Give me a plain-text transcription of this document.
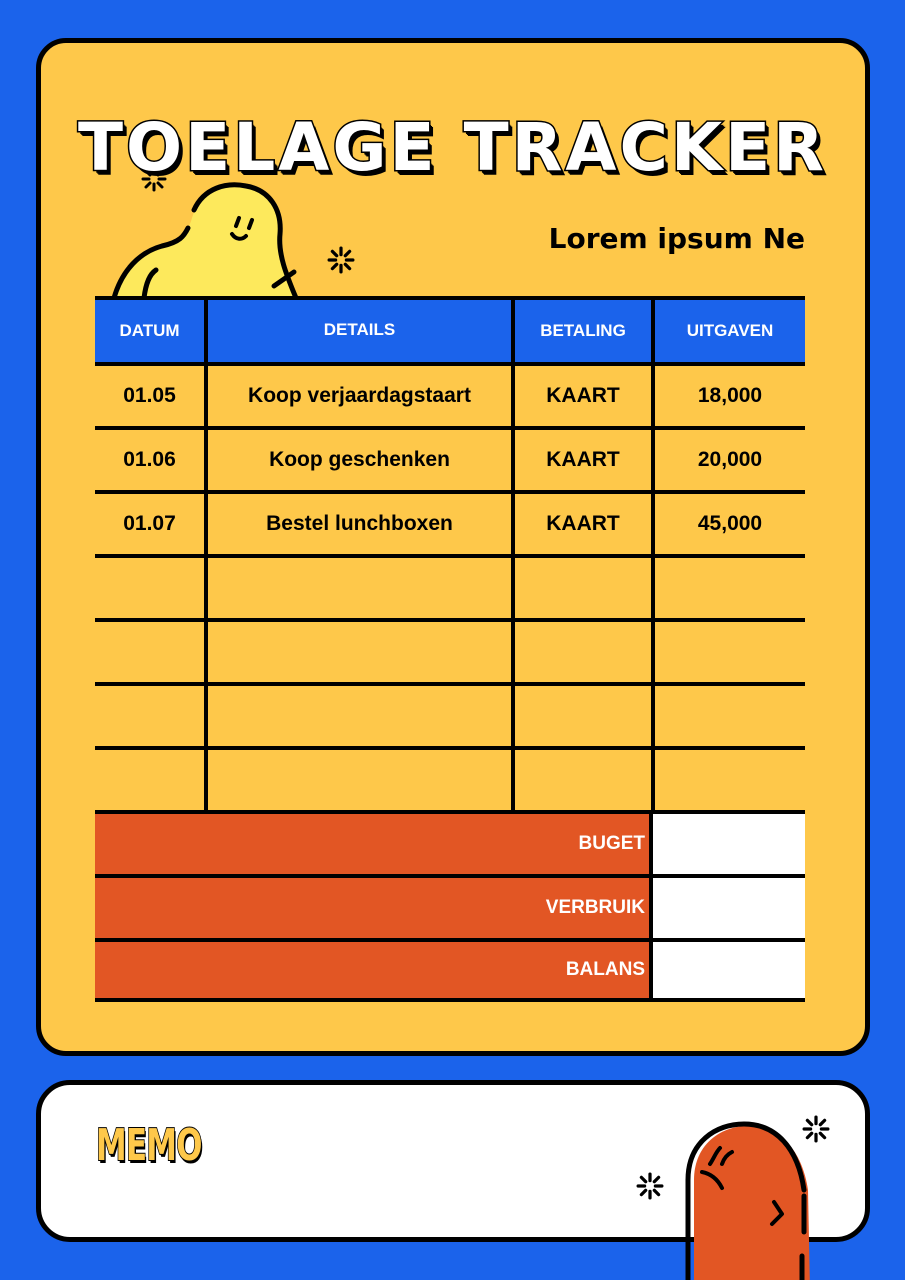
TOELAGE TRACKER
Lorem ipsum Ne
DATUM	DETAILS	BETALING	UITGAVEN
01.05	Koop verjaardagstaart	KAART	18,000
01.06	Koop geschenken	KAART	20,000
01.07	Bestel lunchboxen	KAART	45,000

BUGET
VERBRUIK
BALANS
MEMO
